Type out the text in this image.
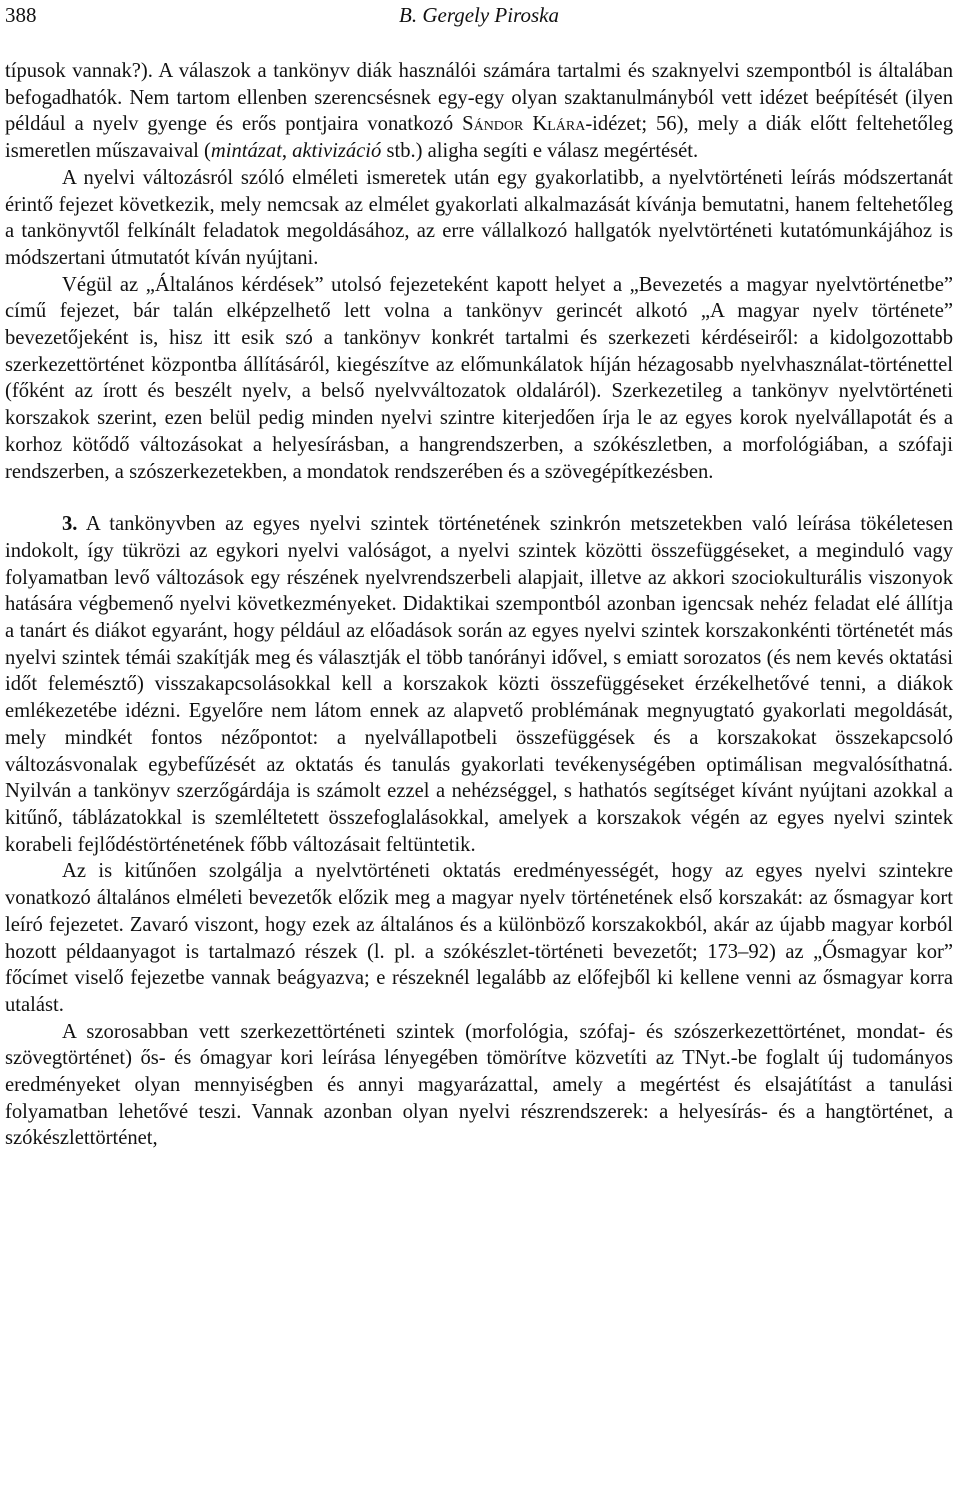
388	B. Gergely Piroska

típusok vannak?). A válaszok a tankönyv diák használói számára tartalmi és szaknyelvi szempontból is általában befogadhatók. Nem tartom ellenben szerencsésnek egy-egy olyan szaktanulmányból vett idézet beépítését (ilyen például a nyelv gyenge és erős pontjaira vonatkozó Sándor Klára-idézet; 56), mely a diák előtt feltehetőleg ismeretlen műszavaival (mintázat, aktivizáció stb.) aligha segíti e válasz megértését.

A nyelvi változásról szóló elméleti ismeretek után egy gyakorlatibb, a nyelvtörténeti leírás módszertanát érintő fejezet következik, mely nemcsak az elmélet gyakorlati alkalmazását kívánja bemutatni, hanem feltehetőleg a tankönyvtől felkínált feladatok megoldásához, az erre vállalkozó hallgatók nyelvtörténeti kutatómunkájához is módszertani útmutatót kíván nyújtani.

Végül az „Általános kérdések” utolsó fejezeteként kapott helyet a „Bevezetés a magyar nyelvtörténetbe” című fejezet, bár talán elképzelhető lett volna a tankönyv gerincét alkotó „A magyar nyelv története” bevezetőjeként is, hisz itt esik szó a tankönyv konkrét tartalmi és szerkezeti kérdéseiről: a kidolgozottabb szerkezettörténet központba állításáról, kiegészítve az előmunkálatok híján hézagosabb nyelvhasználat-történettel (főként az írott és beszélt nyelv, a belső nyelvváltozatok oldaláról). Szerkezetileg a tankönyv nyelvtörténeti korszakok szerint, ezen belül pedig minden nyelvi szintre kiterjedően írja le az egyes korok nyelvállapotát és a korhoz kötődő változásokat a helyesírásban, a hangrendszerben, a szókészletben, a morfológiában, a szófaji rendszerben, a szószerkezetekben, a mondatok rendszerében és a szövegépítkezésben.

3. A tankönyvben az egyes nyelvi szintek történetének szinkrón metszetekben való leírása tökéletesen indokolt, így tükrözi az egykori nyelvi valóságot, a nyelvi szintek közötti összefüggéseket, a meginduló vagy folyamatban levő változások egy részének nyelvrendszerbeli alapjait, illetve az akkori szociokulturális viszonyok hatására végbemenő nyelvi következményeket. Didaktikai szempontból azonban igencsak nehéz feladat elé állítja a tanárt és diákot egyaránt, hogy például az előadások során az egyes nyelvi szintek korszakonkénti történetét más nyelvi szintek témái szakítják meg és választják el több tanórányi idővel, s emiatt sorozatos (és nem kevés oktatási időt felemésztő) visszakapcsolásokkal kell a korszakok közti összefüggéseket érzékelhetővé tenni, a diákok emlékezetébe idézni. Egyelőre nem látom ennek az alapvető problémának megnyugtató gyakorlati megoldását, mely mindkét fontos nézőpontot: a nyelvállapotbeli összefüggések és a korszakokat összekapcsoló változásvonalak egybefűzését az oktatás és tanulás gyakorlati tevékenységében optimálisan megvalósíthatná. Nyilván a tankönyv szerzőgárdája is számolt ezzel a nehézséggel, s hathatós segítséget kívánt nyújtani azokkal a kitűnő, táblázatokkal is szemléltetett összefoglalásokkal, amelyek a korszakok végén az egyes nyelvi szintek korabeli fejlődéstörténetének főbb változásait feltüntetik.

Az is kitűnően szolgálja a nyelvtörténeti oktatás eredményességét, hogy az egyes nyelvi szintekre vonatkozó általános elméleti bevezetők előzik meg a magyar nyelv történetének első korszakát: az ősmagyar kort leíró fejezetet. Zavaró viszont, hogy ezek az általános és a különböző korszakokból, akár az újabb magyar korból hozott példaanyagot is tartalmazó részek (l. pl. a szókészlet-történeti bevezetőt; 173–92) az „Ősmagyar kor” főcímet viselő fejezetbe vannak beágyazva; e részeknél legalább az előfejből ki kellene venni az ősmagyar korra utalást.

A szorosabban vett szerkezettörténeti szintek (morfológia, szófaj- és szószerkezettörténet, mondat- és szövegtörténet) ős- és ómagyar kori leírása lényegében tömörítve közvetíti az TNyt.-be foglalt új tudományos eredményeket olyan mennyiségben és annyi magyarázattal, amely a megértést és elsajátítást a tanulási folyamatban lehetővé teszi. Vannak azonban olyan nyelvi részrendszerek: a helyesírás- és a hangtörténet, a szókészlettörténet,
